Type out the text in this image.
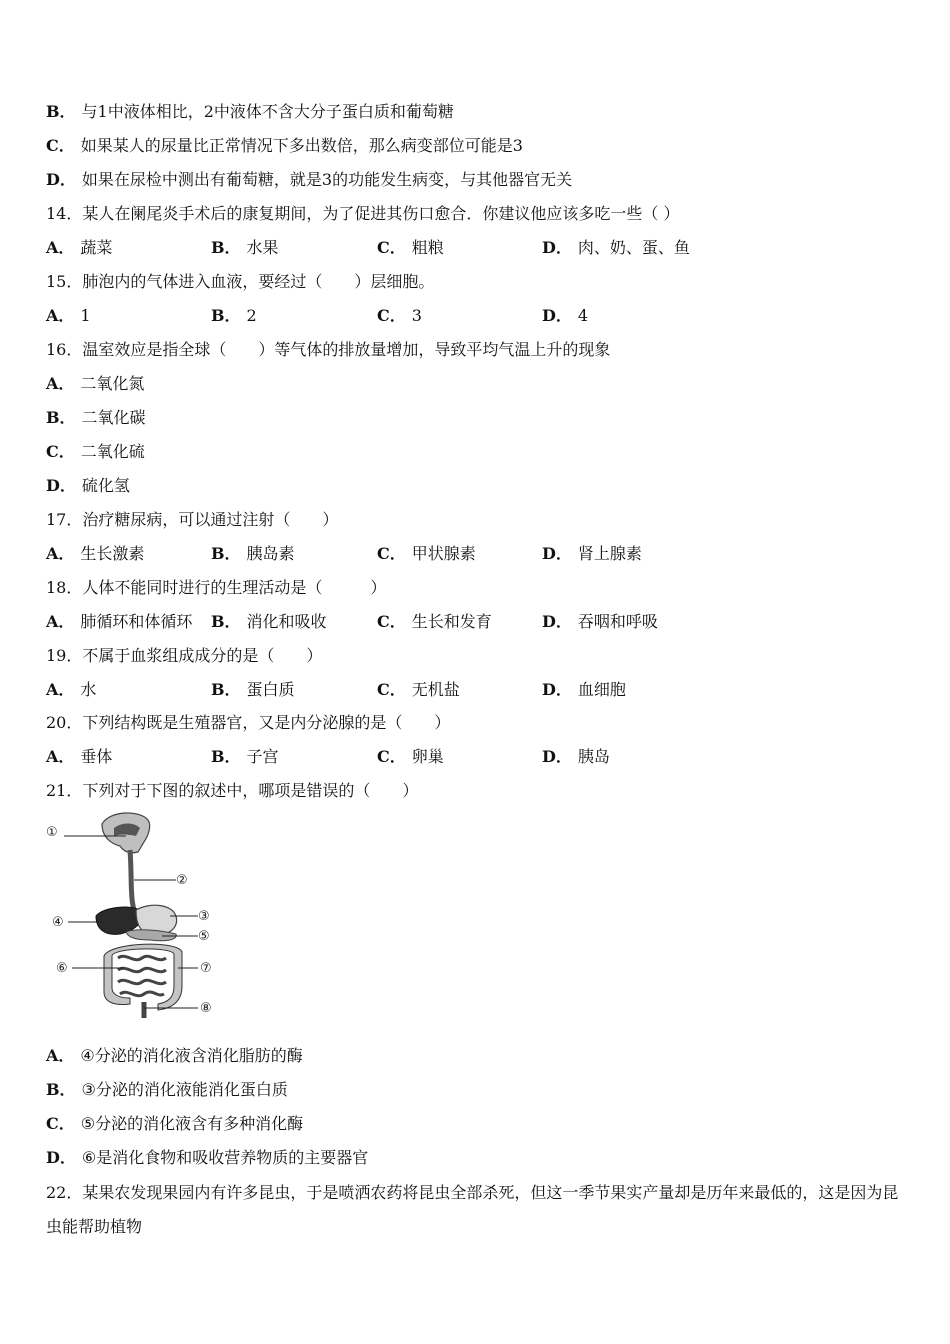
B． 与1中液体相比，2中液体不含大分子蛋白质和葡萄糖
C． 如果某人的尿量比正常情况下多出数倍，那么病变部位可能是3
D． 如果在尿检中测出有葡萄糖，就是3的功能发生病变，与其他器官无关
14．某人在阑尾炎手术后的康复期间，为了促进其伤口愈合．你建议他应该多吃一些（ ）
A． 蔬菜	B． 水果	C． 粗粮	D． 肉、奶、蛋、鱼
15．肺泡内的气体进入血液，要经过（　　）层细胞。
A． 1	B． 2	C． 3	D． 4
16．温室效应是指全球（　　）等气体的排放量增加，导致平均气温上升的现象
A． 二氧化氮
B． 二氧化碳
C． 二氧化硫
D． 硫化氢
17．治疗糖尿病，可以通过注射（　　）
A． 生长激素	B． 胰岛素	C． 甲状腺素	D． 肾上腺素
18．人体不能同时进行的生理活动是（　　　）
A． 肺循环和体循环 B． 消化和吸收	C． 生长和发育	D． 吞咽和呼吸
19．不属于血浆组成成分的是（　　）
A． 水	B． 蛋白质	C． 无机盐	D． 血细胞
20．下列结构既是生殖器官，又是内分泌腺的是（　　）
A． 垂体	B． 子宫	C． 卵巢	D． 胰岛
21．下列对于下图的叙述中，哪项是错误的（　　）
①
②
③
④
⑤
⑥	⑦
⑧
A． ④分泌的消化液含消化脂肪的酶
B． ③分泌的消化液能消化蛋白质
C． ⑤分泌的消化液含有多种消化酶
D． ⑥是消化食物和吸收营养物质的主要器官
22．某果农发现果园内有许多昆虫，于是喷洒农药将昆虫全部杀死，但这一季节果实产量却是历年来最低的，这是因为昆虫能帮助植物
